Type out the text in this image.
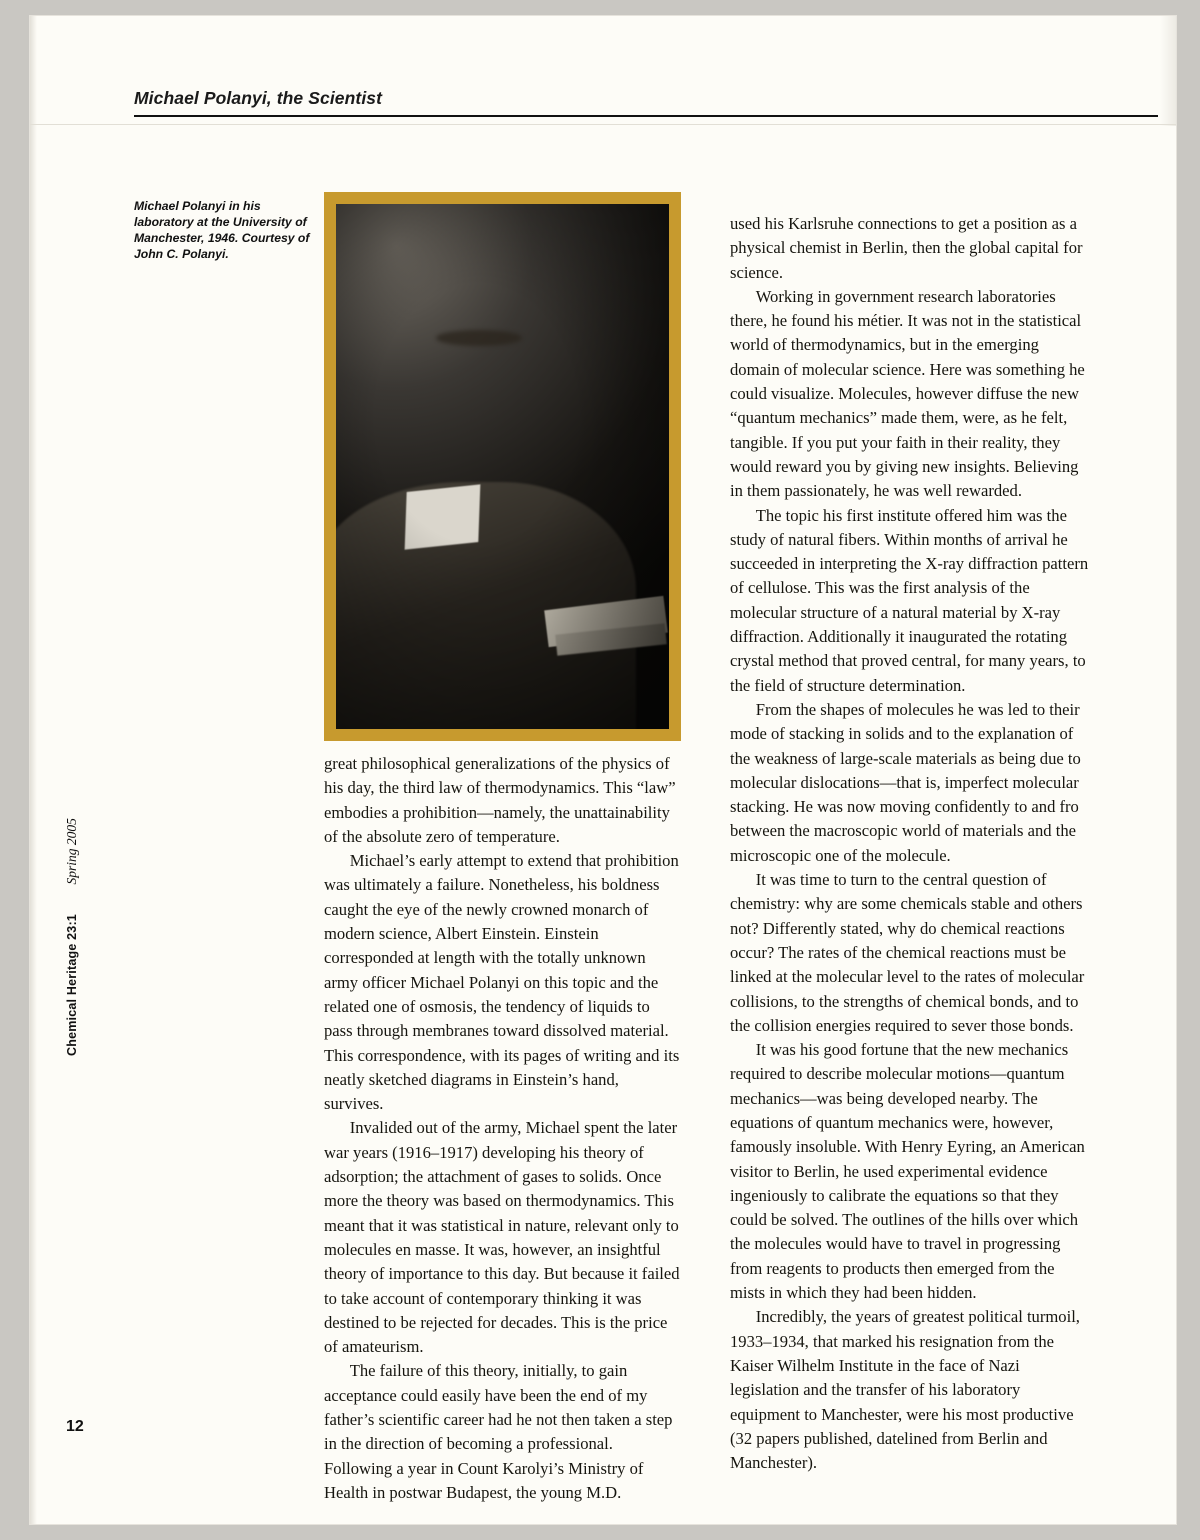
Michael Polanyi, the Scientist
Chemical Heritage 23:1 Spring 2005
12
Michael Polanyi in his laboratory at the University of Manchester, 1946. Courtesy of John C. Polanyi.

great philosophical generalizations of the physics of his day, the third law of thermodynamics. This “law” embodies a prohibition—namely, the unattainability of the absolute zero of temperature.

Michael’s early attempt to extend that prohibition was ultimately a failure. Nonetheless, his boldness caught the eye of the newly crowned monarch of modern science, Albert Einstein. Einstein corresponded at length with the totally unknown army officer Michael Polanyi on this topic and the related one of osmosis, the tendency of liquids to pass through membranes toward dissolved material. This correspondence, with its pages of writing and its neatly sketched diagrams in Einstein’s hand, survives.

Invalided out of the army, Michael spent the later war years (1916–1917) developing his theory of adsorption; the attachment of gases to solids. Once more the theory was based on thermodynamics. This meant that it was statistical in nature, relevant only to molecules en masse. It was, however, an insightful theory of importance to this day. But because it failed to take account of contemporary thinking it was destined to be rejected for decades. This is the price of amateurism.

The failure of this theory, initially, to gain acceptance could easily have been the end of my father’s scientific career had he not then taken a step in the direction of becoming a professional. Following a year in Count Karolyi’s Ministry of Health in postwar Budapest, the young M.D.

used his Karlsruhe connections to get a position as a physical chemist in Berlin, then the global capital for science.

Working in government research laboratories there, he found his métier. It was not in the statistical world of thermodynamics, but in the emerging domain of molecular science. Here was something he could visualize. Molecules, however diffuse the new “quantum mechanics” made them, were, as he felt, tangible. If you put your faith in their reality, they would reward you by giving new insights. Believing in them passionately, he was well rewarded.

The topic his first institute offered him was the study of natural fibers. Within months of arrival he succeeded in interpreting the X-ray diffraction pattern of cellulose. This was the first analysis of the molecular structure of a natural material by X-ray diffraction. Additionally it inaugurated the rotating crystal method that proved central, for many years, to the field of structure determination.

From the shapes of molecules he was led to their mode of stacking in solids and to the explanation of the weakness of large-scale materials as being due to molecular dislocations—that is, imperfect molecular stacking. He was now moving confidently to and fro between the macroscopic world of materials and the microscopic one of the molecule.

It was time to turn to the central question of chemistry: why are some chemicals stable and others not? Differently stated, why do chemical reactions occur? The rates of the chemical reactions must be linked at the molecular level to the rates of molecular collisions, to the strengths of chemical bonds, and to the collision energies required to sever those bonds.

It was his good fortune that the new mechanics required to describe molecular motions—quantum mechanics—was being developed nearby. The equations of quantum mechanics were, however, famously insoluble. With Henry Eyring, an American visitor to Berlin, he used experimental evidence ingeniously to calibrate the equations so that they could be solved. The outlines of the hills over which the molecules would have to travel in progressing from reagents to products then emerged from the mists in which they had been hidden.

Incredibly, the years of greatest political turmoil, 1933–1934, that marked his resignation from the Kaiser Wilhelm Institute in the face of Nazi legislation and the transfer of his laboratory equipment to Manchester, were his most productive (32 papers published, datelined from Berlin and Manchester).
